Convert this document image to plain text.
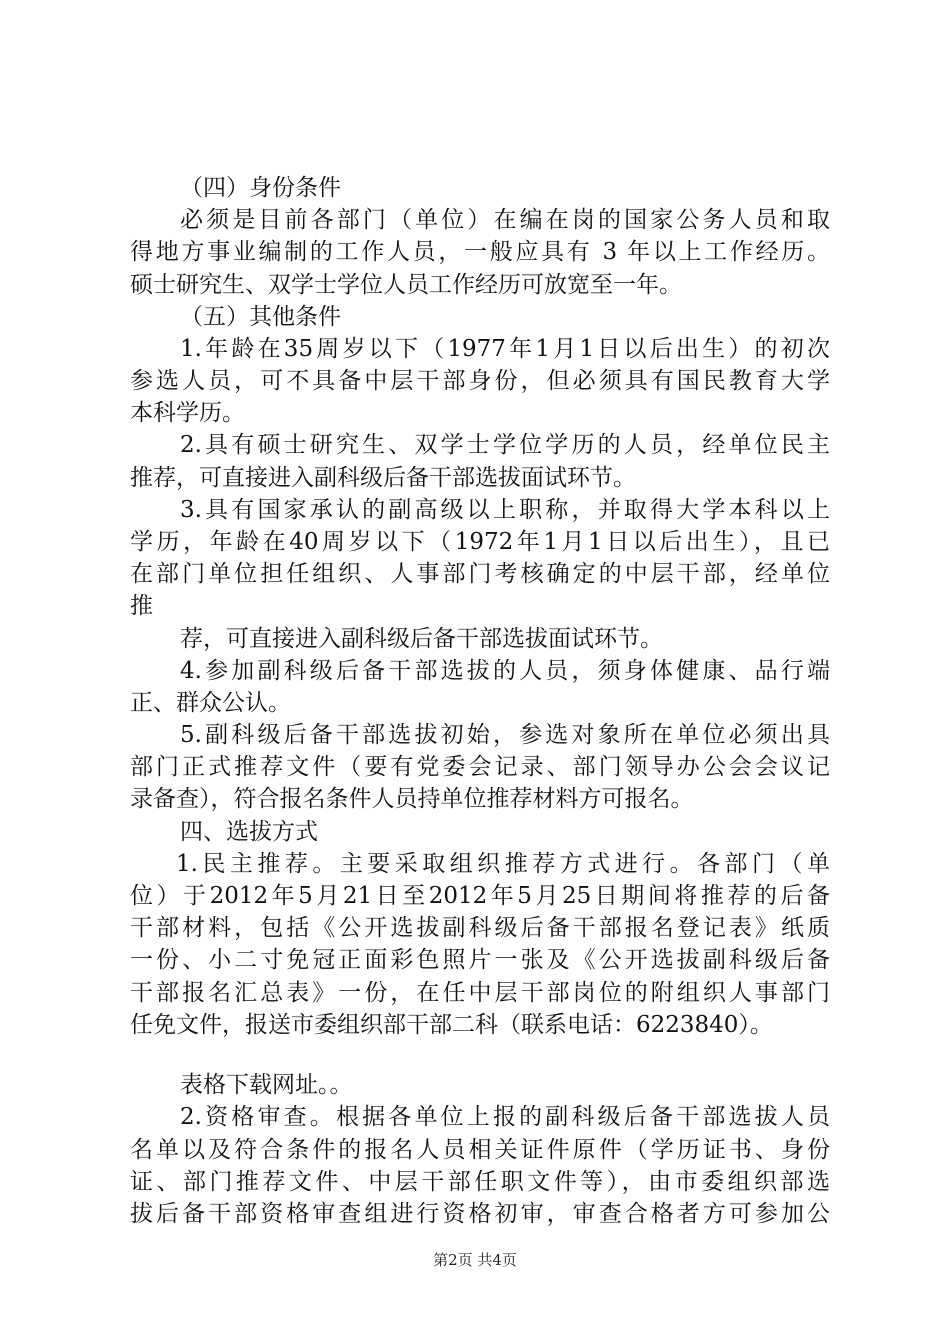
（四）身份条件
必须是目前各部门（单位）在编在岗的国家公务人员和取
得地方事业编制的工作人员，一般应具有 3 年以上工作经历。
硕士研究生、双学士学位人员工作经历可放宽至一年。
（五）其他条件
1.年龄在35周岁以下（1977年1月1日以后出生）的初次
参选人员，可不具备中层干部身份，但必须具有国民教育大学
本科学历。
2.具有硕士研究生、双学士学位学历的人员，经单位民主
推荐，可直接进入副科级后备干部选拔面试环节。
3.具有国家承认的副高级以上职称，并取得大学本科以上
学历，年龄在40周岁以下（1972年1月1日以后出生），且已
在部门单位担任组织、人事部门考核确定的中层干部，经单位
推
荐，可直接进入副科级后备干部选拔面试环节。
4.参加副科级后备干部选拔的人员，须身体健康、品行端
正、群众公认。
5.副科级后备干部选拔初始，参选对象所在单位必须出具
部门正式推荐文件（要有党委会记录、部门领导办公会会议记
录备查），符合报名条件人员持单位推荐材料方可报名。
四、选拔方式
1.民主推荐。主要采取组织推荐方式进行。各部门（单
位）于2012年5月21日至2012年5月25日期间将推荐的后备
干部材料，包括《公开选拔副科级后备干部报名登记表》纸质
一份、小二寸免冠正面彩色照片一张及《公开选拔副科级后备
干部报名汇总表》一份，在任中层干部岗位的附组织人事部门
任免文件，报送市委组织部干部二科（联系电话：6223840）。
表格下载网址。。
2.资格审查。根据各单位上报的副科级后备干部选拔人员
名单以及符合条件的报名人员相关证件原件（学历证书、身份
证、部门推荐文件、中层干部任职文件等），由市委组织部选
拔后备干部资格审查组进行资格初审，审查合格者方可参加公
第2页 共4页
